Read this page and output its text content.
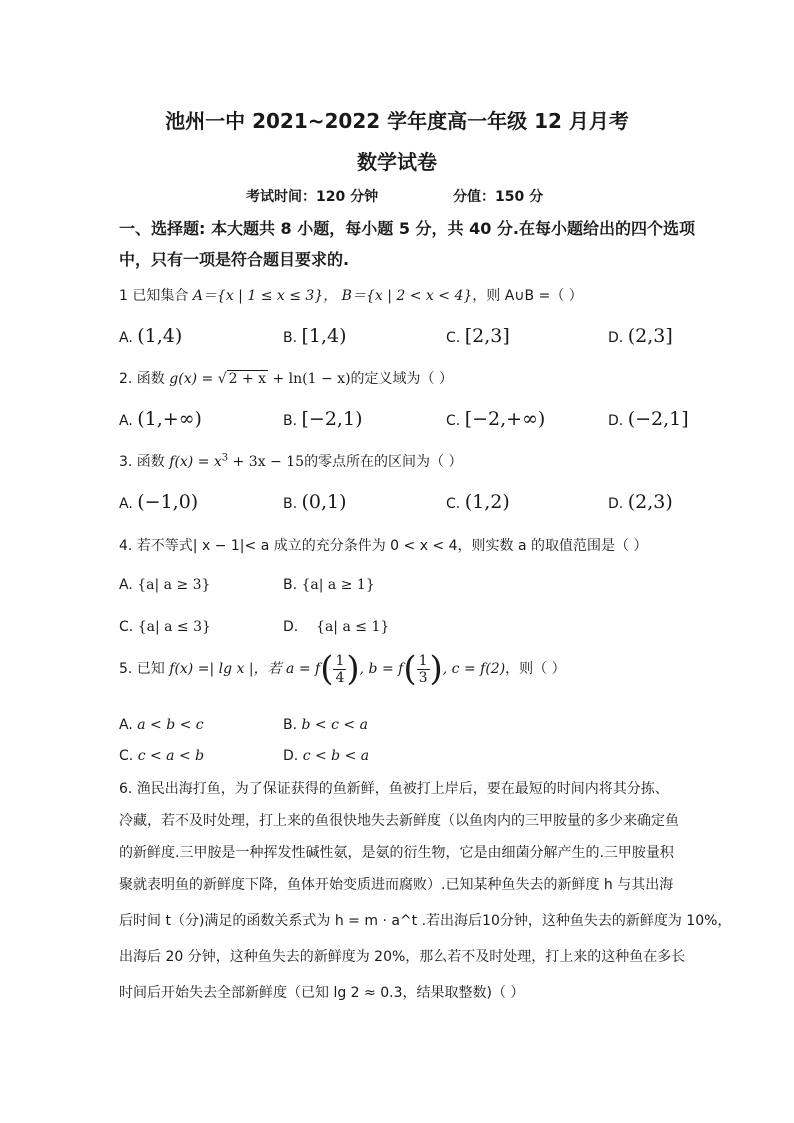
池州一中 2021~2022 学年度高一年级 12 月月考
数学试卷
考试时间：120 分钟	分值：150 分
一、选择题: 本大题共 8 小题，每小题 5 分，共 40 分.在每小题给出的四个选项
中，只有一项是符合题目要求的.
1 已知集合 A＝{x | 1 ≤ x ≤ 3}， B＝{x | 2 < x < 4}，则 A∪B =（ ）
A. (1,4)	B. [1,4)	C. [2,3]	D. (2,3]
2. 函数 g(x) = √ 2 + x + ln(1 − x)的定义域为（ ）
A. (1,+∞)	B. [−2,1)	C. [−2,+∞)	D. (−2,1]
3. 函数 $f(x) = x^3 + 3x - 15$的零点所在的区间为（ ）
A. (−1,0)	B. (0,1)	C. (1,2)	D. (2,3)
4. 若不等式| x − 1|< a 成立的充分条件为 0 < x < 4，则实数 a 的取值范围是（ ）
A. {a| a ≥ 3}	B. {a| a ≥ 1}
C. {a| a ≤ 3}	D. {a| a ≤ 1}
5. 已知 f(x) =| lg x |，若 $a = f( \frac{1}{4}$ ), $b = f( \frac{1}{3}$ ), c = f(2)，则（ ）
A. a < b < c	B. b < c < a
C. c < a < b	D. c < b < a
6. 渔民出海打鱼，为了保证获得的鱼新鲜，鱼被打上岸后，要在最短的时间内将其分拣、
冷藏，若不及时处理，打上来的鱼很快地失去新鲜度（以鱼肉内的三甲胺量的多少来确定鱼
的新鲜度.三甲胺是一种挥发性碱性氨，是氨的衍生物，它是由细菌分解产生的.三甲胺量积
聚就表明鱼的新鲜度下降，鱼体开始变质进而腐败）.已知某种鱼失去的新鲜度 h 与其出海
后时间 t（分)满足的函数关系式为 h = m · a^t .若出海后10分钟，这种鱼失去的新鲜度为 10%，
出海后 20 分钟，这种鱼失去的新鲜度为 20%，那么若不及时处理，打上来的这种鱼在多长
时间后开始失去全部新鲜度（已知 lg 2 ≈ 0.3，结果取整数)（ ）
